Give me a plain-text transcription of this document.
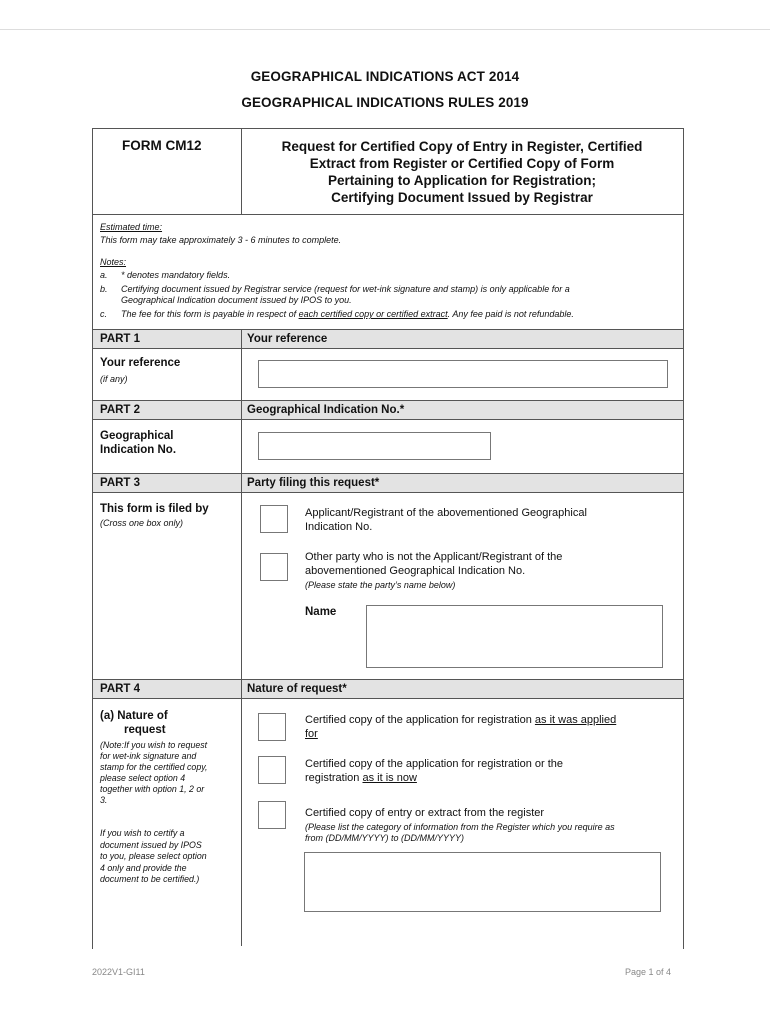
GEOGRAPHICAL INDICATIONS ACT 2014
GEOGRAPHICAL INDICATIONS RULES 2019
FORM CM12	Request for Certified Copy of Entry in Register, Certified
Extract from Register or Certified Copy of Form
Pertaining to Application for Registration;
Certifying Document Issued by Registrar
Estimated time:
This form may take approximately 3 - 6 minutes to complete.
Notes:
a. * denotes mandatory fields.
b. Certifying document issued by Registrar service (request for wet-ink signature and stamp) is only applicable for a
Geographical Indication document issued by IPOS to you.
c. The fee for this form is payable in respect of each certified copy or certified extract. Any fee paid is not refundable.
PART 1	Your reference
Your reference
(if any)
PART 2	Geographical Indication No.*
Geographical
Indication No.
PART 3	Party filing this request*
This form is filed by
(Cross one box only)
Applicant/Registrant of the abovementioned Geographical
Indication No.
Other party who is not the Applicant/Registrant of the
abovementioned Geographical Indication No.
(Please state the party’s name below)
Name
PART 4	Nature of request*
(a) Nature of
request
(Note:If you wish to request
for wet-ink signature and
stamp for the certified copy,
please select option 4
together with option 1, 2 or
3.
If you wish to certify a
document issued by IPOS
to you, please select option
4 only and provide the
document to be certified.)
Certified copy of the application for registration as it was applied
for
Certified copy of the application for registration or the
registration as it is now
Certified copy of entry or extract from the register
(Please list the category of information from the Register which you require as
from (DD/MM/YYYY) to (DD/MM/YYYY)
2022V1-GI11	Page 1 of 4
